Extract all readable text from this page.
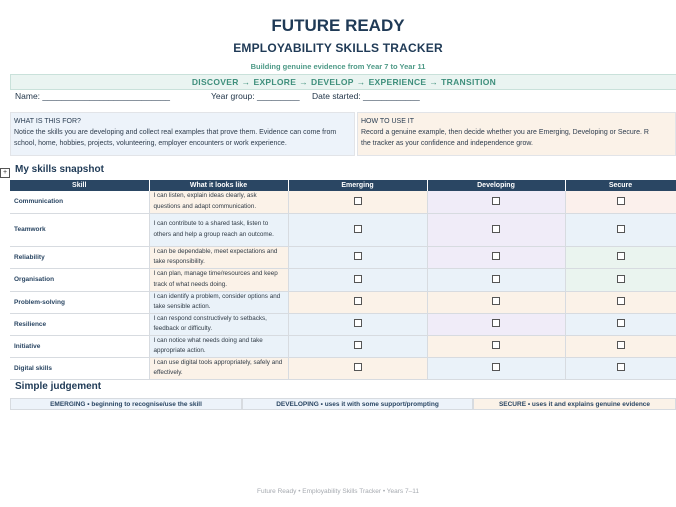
FUTURE READY
EMPLOYABILITY SKILLS TRACKER
Building genuine evidence from Year 7 to Year 11
DISCOVER → EXPLORE → DEVELOP → EXPERIENCE → TRANSITION
Name: ___________________________	Year group: _________ Date started: ____________
WHAT IS THIS FOR?
Notice the skills you are developing and collect real examples that prove them. Evidence can come from school, home, hobbies, projects, volunteering, employer encounters or work experience.
HOW TO USE IT
Record a genuine example, then decide whether you are Emerging, Developing or Secure. R
the tracker as your confidence and independence grow.
+ My skills snapshot
Skill	What it looks like	Emerging	Developing	Secure
Communication	I can listen, explain ideas clearly, ask questions and adapt communication.			
Teamwork	I can contribute to a shared task, listen to others and help a group reach an outcome.			
Reliability	I can be dependable, meet expectations and take responsibility.			
Organisation	I can plan, manage time/resources and keep track of what needs doing.			
Problem-solving	I can identify a problem, consider options and take sensible action.			
Resilience	I can respond constructively to setbacks, feedback or difficulty.			
Initiative	I can notice what needs doing and take appropriate action.			
Digital skills	I can use digital tools appropriately, safely and effectively.			
Simple judgement
EMERGING • beginning to recognise/use the skill	DEVELOPING • uses it with some support/prompting	SECURE • uses it and explains genuine evidence
Future Ready • Employability Skills Tracker • Years 7–11
